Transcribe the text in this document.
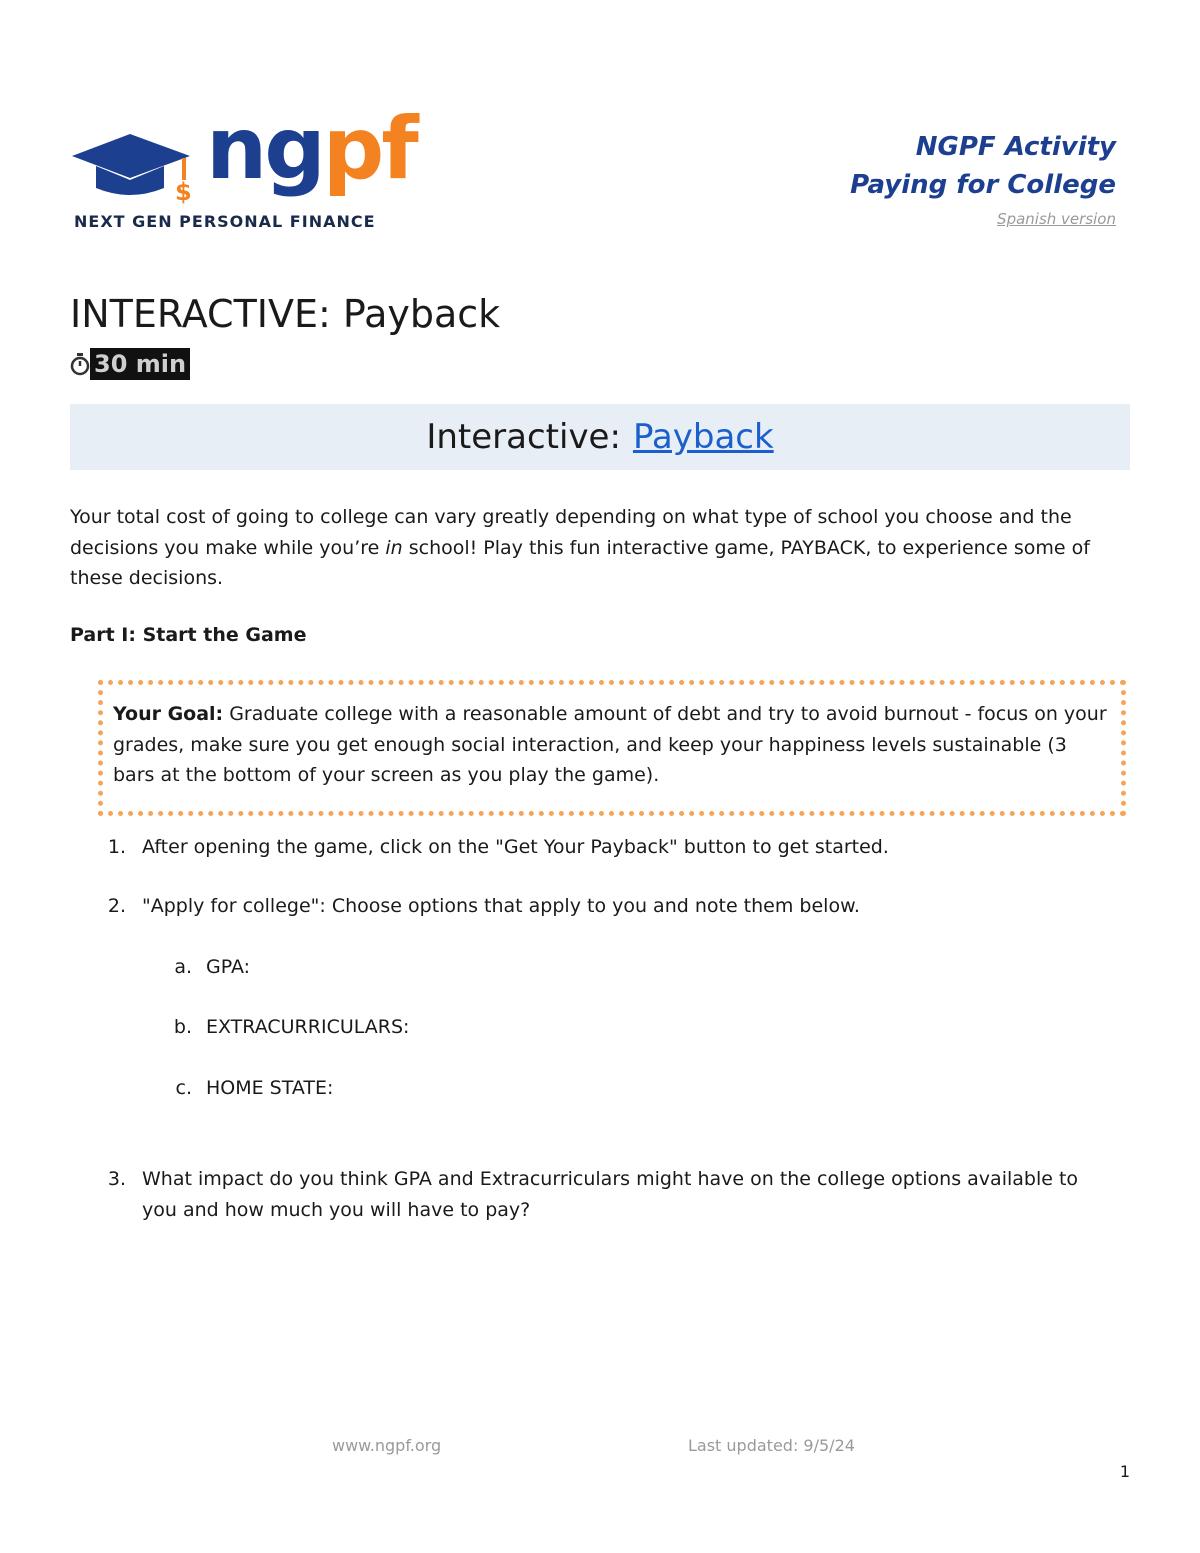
$ ngpf
NEXT GEN PERSONAL FINANCE
NGPF Activity
Paying for College
Spanish version
INTERACTIVE: Payback
30 min
Interactive: Payback

Your total cost of going to college can vary greatly depending on what type of school you choose and the decisions you make while you’re in school! Play this fun interactive game, PAYBACK, to experience some of these decisions.

Part I: Start the Game
Your Goal: Graduate college with a reasonable amount of debt and try to avoid burnout - focus on your grades, make sure you get enough social interaction, and keep your happiness levels sustainable (3 bars at the bottom of your screen as you play the game).
1. After opening the game, click on the "Get Your Payback" button to get started.
2. "Apply for college": Choose options that apply to you and note them below.
a. GPA:
b. EXTRACURRICULARS:
c. HOME STATE:
3. What impact do you think GPA and Extracurriculars might have on the college options available to you and how much you will have to pay?
www.ngpf.org	Last updated: 9/5/24
1
